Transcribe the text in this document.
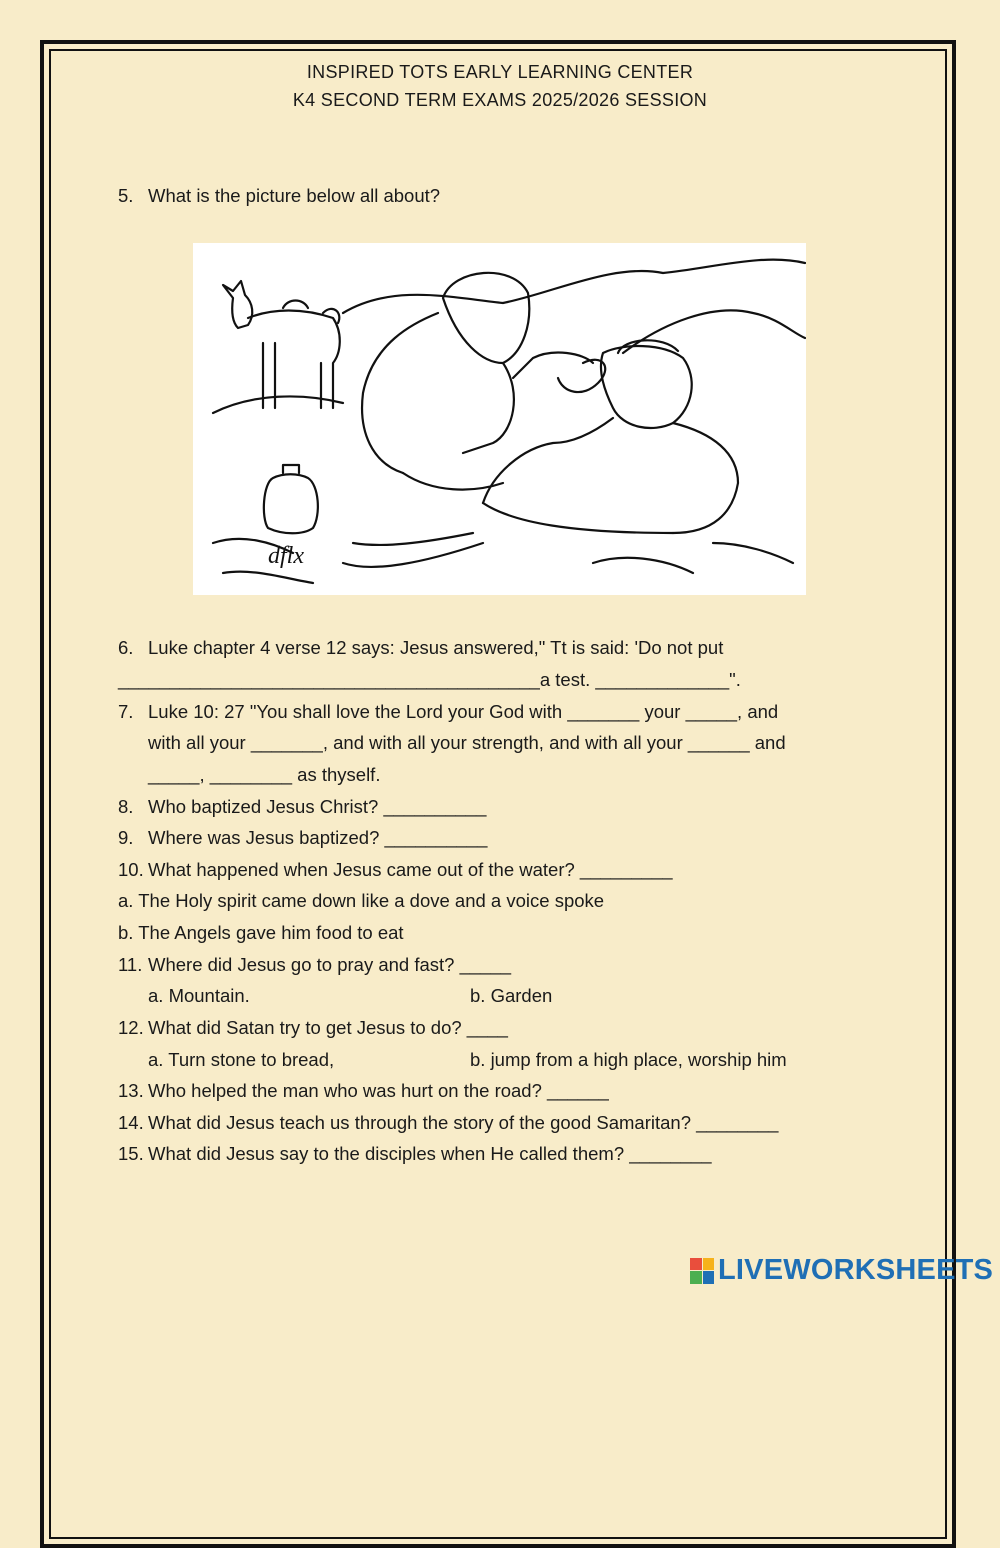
INSPIRED TOTS EARLY LEARNING CENTER
K4 SECOND TERM EXAMS 2025/2026 SESSION
5. What is the picture below all about?
dflx
6. Luke chapter 4 verse 12 says: Jesus answered," Tt is said: 'Do not put
_________________________________________a test. _____________".
7. Luke 10: 27 "You shall love the Lord your God with _______ your _____, and
with all your _______, and with all your strength, and with all your ______ and
_____, ________ as thyself.
8. Who baptized Jesus Christ? __________
9. Where was Jesus baptized? __________
10. What happened when Jesus came out of the water? _________
a. The Holy spirit came down like a dove and a voice spoke
b. The Angels gave him food to eat
11. Where did Jesus go to pray and fast? _____
a. Mountain.	b. Garden
12. What did Satan try to get Jesus to do? ____
a. Turn stone to bread,	b. jump from a high place, worship him
13. Who helped the man who was hurt on the road? ______
14. What did Jesus teach us through the story of the good Samaritan? ________
15. What did Jesus say to the disciples when He called them? ________
LIVEWORKSHEETS
